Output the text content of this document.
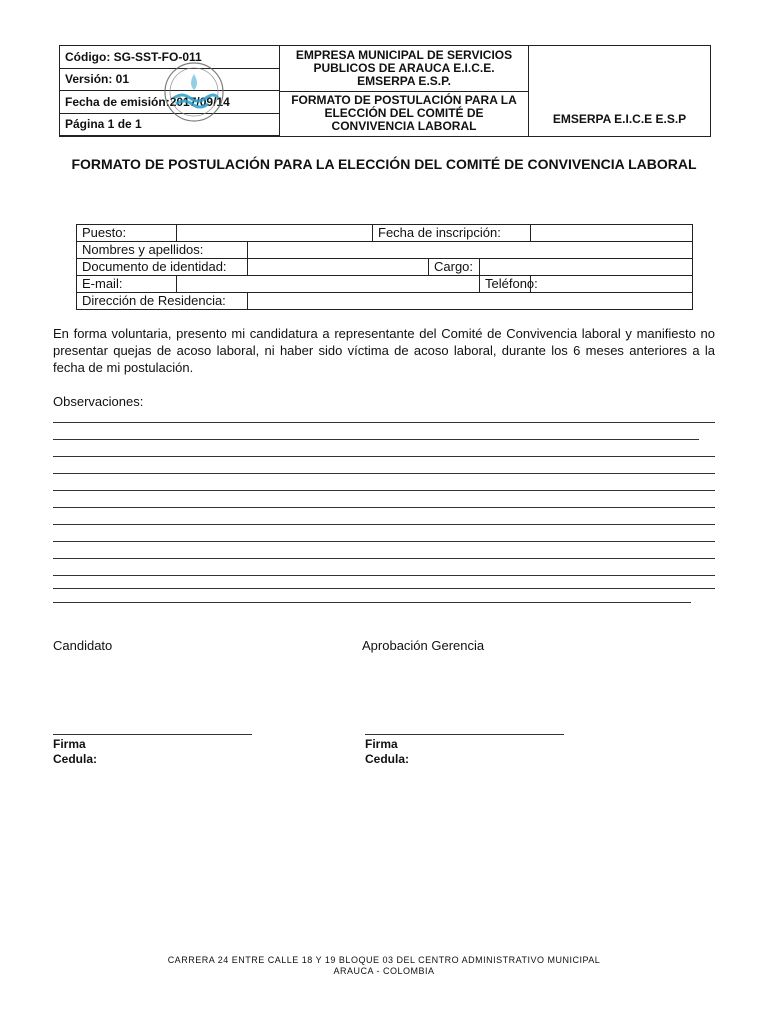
Código: SG-SST-FO-011
Versión: 01
Fecha de emisión:2017/09/14
Página 1 de 1
EMPRESA MUNICIPAL DE SERVICIOS PUBLICOS DE ARAUCA E.I.C.E. EMSERPA E.S.P.
FORMATO DE POSTULACIÓN PARA LA ELECCIÓN DEL COMITÉ DE CONVIVENCIA LABORAL
EMSERPA E.I.C.E E.S.P
FORMATO DE POSTULACIÓN PARA LA ELECCIÓN DEL COMITÉ DE CONVIVENCIA LABORAL
Puesto:			Fecha de inscripción:			
Nombres y apellidos:						
Documento de identidad:				Cargo:		
E-mail:					Teléfono:	
Dirección de Residencia:						

En forma voluntaria, presento mi candidatura a representante del Comité de Convivencia laboral y manifiesto no presentar quejas de acoso laboral, ni haber sido víctima de acoso laboral, durante los 6 meses anteriores a la fecha de mi postulación.

Observaciones:
Candidato	Aprobación Gerencia
Firma
Cedula:
Firma
Cedula:
CARRERA 24 ENTRE CALLE 18 Y 19 BLOQUE 03 DEL CENTRO ADMINISTRATIVO MUNICIPAL
ARAUCA - COLOMBIA
